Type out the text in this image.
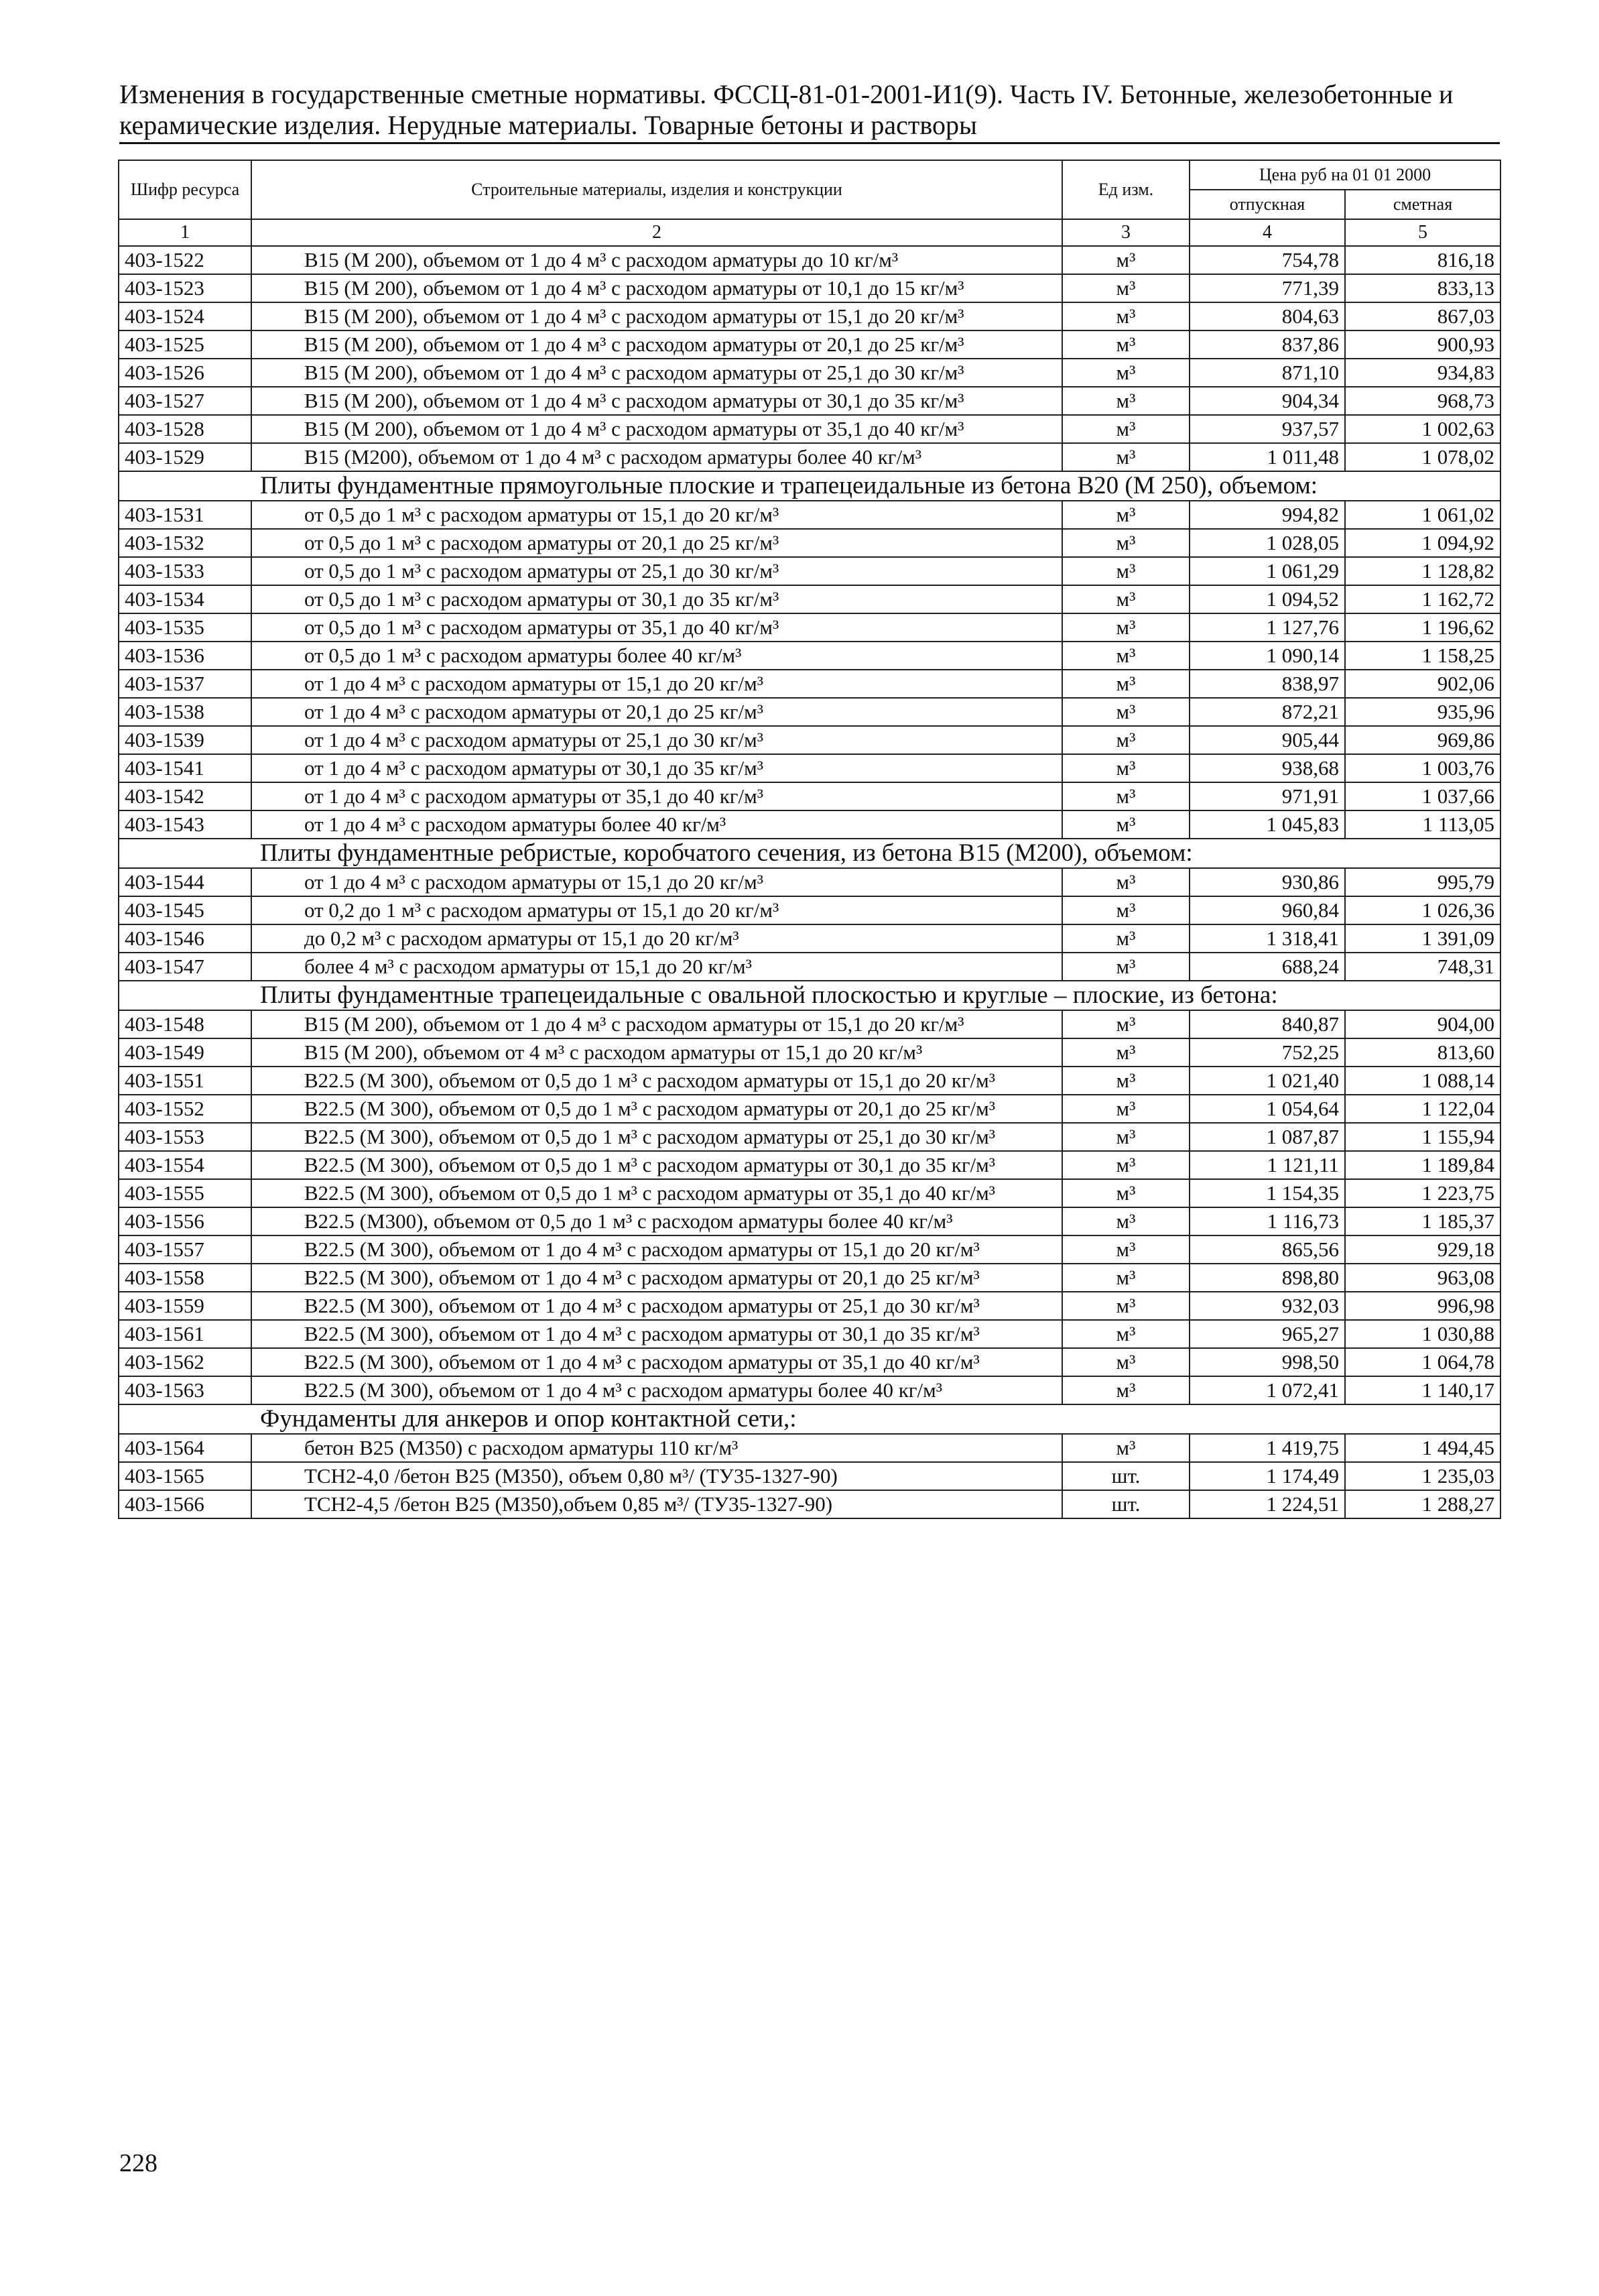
Изменения в государственные сметные нормативы. ФССЦ-81-01-2001-И1(9). Часть IV. Бетонные, железобетонные и керамические изделия. Нерудные материалы. Товарные бетоны и растворы
Шифр ресурса	Строительные материалы, изделия и конструкции	Ед изм.	Цена руб на 01 01 2000	
			отпускная	сметная
1	2	3	4	5
403-1522	В15 (М 200), объемом от 1 до 4 м³ с расходом арматуры до 10 кг/м³	м³	754,78	816,18
403-1523	В15 (М 200), объемом от 1 до 4 м³ с расходом арматуры от 10,1 до 15 кг/м³	м³	771,39	833,13
403-1524	В15 (М 200), объемом от 1 до 4 м³ с расходом арматуры от 15,1 до 20 кг/м³	м³	804,63	867,03
403-1525	В15 (М 200), объемом от 1 до 4 м³ с расходом арматуры от 20,1 до 25 кг/м³	м³	837,86	900,93
403-1526	В15 (М 200), объемом от 1 до 4 м³ с расходом арматуры от 25,1 до 30 кг/м³	м³	871,10	934,83
403-1527	В15 (М 200), объемом от 1 до 4 м³ с расходом арматуры от 30,1 до 35 кг/м³	м³	904,34	968,73
403-1528	В15 (М 200), объемом от 1 до 4 м³ с расходом арматуры от 35,1 до 40 кг/м³	м³	937,57	1 002,63
403-1529	В15 (М200), объемом от 1 до 4 м³ с расходом арматуры более 40 кг/м³	м³	1 011,48	1 078,02
Плиты фундаментные прямоугольные плоские и трапецеидальные из бетона В20 (М 250), объемом:				
403-1531	от 0,5 до 1 м³ с расходом арматуры от 15,1 до 20 кг/м³	м³	994,82	1 061,02
403-1532	от 0,5 до 1 м³ с расходом арматуры от 20,1 до 25 кг/м³	м³	1 028,05	1 094,92
403-1533	от 0,5 до 1 м³ с расходом арматуры от 25,1 до 30 кг/м³	м³	1 061,29	1 128,82
403-1534	от 0,5 до 1 м³ с расходом арматуры от 30,1 до 35 кг/м³	м³	1 094,52	1 162,72
403-1535	от 0,5 до 1 м³ с расходом арматуры от 35,1 до 40 кг/м³	м³	1 127,76	1 196,62
403-1536	от 0,5 до 1 м³ с расходом арматуры более 40 кг/м³	м³	1 090,14	1 158,25
403-1537	от 1 до 4 м³ с расходом арматуры от 15,1 до 20 кг/м³	м³	838,97	902,06
403-1538	от 1 до 4 м³ с расходом арматуры от 20,1 до 25 кг/м³	м³	872,21	935,96
403-1539	от 1 до 4 м³ с расходом арматуры от 25,1 до 30 кг/м³	м³	905,44	969,86
403-1541	от 1 до 4 м³ с расходом арматуры от 30,1 до 35 кг/м³	м³	938,68	1 003,76
403-1542	от 1 до 4 м³ с расходом арматуры от 35,1 до 40 кг/м³	м³	971,91	1 037,66
403-1543	от 1 до 4 м³ с расходом арматуры более 40 кг/м³	м³	1 045,83	1 113,05
Плиты фундаментные ребристые, коробчатого сечения, из бетона В15 (М200), объемом:				
403-1544	от 1 до 4 м³ с расходом арматуры от 15,1 до 20 кг/м³	м³	930,86	995,79
403-1545	от 0,2 до 1 м³ с расходом арматуры от 15,1 до 20 кг/м³	м³	960,84	1 026,36
403-1546	до 0,2 м³ с расходом арматуры от 15,1 до 20 кг/м³	м³	1 318,41	1 391,09
403-1547	более 4 м³ с расходом арматуры от 15,1 до 20 кг/м³	м³	688,24	748,31
Плиты фундаментные трапецеидальные с овальной плоскостью и круглые – плоские, из бетона:				
403-1548	В15 (М 200), объемом от 1 до 4 м³ с расходом арматуры от 15,1 до 20 кг/м³	м³	840,87	904,00
403-1549	В15 (М 200), объемом от 4 м³ с расходом арматуры от 15,1 до 20 кг/м³	м³	752,25	813,60
403-1551	В22.5 (М 300), объемом от 0,5 до 1 м³ с расходом арматуры от 15,1 до 20 кг/м³	м³	1 021,40	1 088,14
403-1552	В22.5 (М 300), объемом от 0,5 до 1 м³ с расходом арматуры от 20,1 до 25 кг/м³	м³	1 054,64	1 122,04
403-1553	В22.5 (М 300), объемом от 0,5 до 1 м³ с расходом арматуры от 25,1 до 30 кг/м³	м³	1 087,87	1 155,94
403-1554	В22.5 (М 300), объемом от 0,5 до 1 м³ с расходом арматуры от 30,1 до 35 кг/м³	м³	1 121,11	1 189,84
403-1555	В22.5 (М 300), объемом от 0,5 до 1 м³ с расходом арматуры от 35,1 до 40 кг/м³	м³	1 154,35	1 223,75
403-1556	В22.5 (М300), объемом от 0,5 до 1 м³ с расходом арматуры более 40 кг/м³	м³	1 116,73	1 185,37
403-1557	В22.5 (М 300), объемом от 1 до 4 м³ с расходом арматуры от 15,1 до 20 кг/м³	м³	865,56	929,18
403-1558	В22.5 (М 300), объемом от 1 до 4 м³ с расходом арматуры от 20,1 до 25 кг/м³	м³	898,80	963,08
403-1559	В22.5 (М 300), объемом от 1 до 4 м³ с расходом арматуры от 25,1 до 30 кг/м³	м³	932,03	996,98
403-1561	В22.5 (М 300), объемом от 1 до 4 м³ с расходом арматуры от 30,1 до 35 кг/м³	м³	965,27	1 030,88
403-1562	В22.5 (М 300), объемом от 1 до 4 м³ с расходом арматуры от 35,1 до 40 кг/м³	м³	998,50	1 064,78
403-1563	В22.5 (М 300), объемом от 1 до 4 м³ с расходом арматуры более 40 кг/м³	м³	1 072,41	1 140,17
Фундаменты для анкеров и опор контактной сети,:				
403-1564	бетон В25 (М350) с расходом арматуры 110 кг/м³	м³	1 419,75	1 494,45
403-1565	ТСН2-4,0 /бетон В25 (М350), объем 0,80 м³/ (ТУ35-1327-90)	шт.	1 174,49	1 235,03
403-1566	ТСН2-4,5 /бетон В25 (М350),объем 0,85 м³/ (ТУ35-1327-90)	шт.	1 224,51	1 288,27
228
